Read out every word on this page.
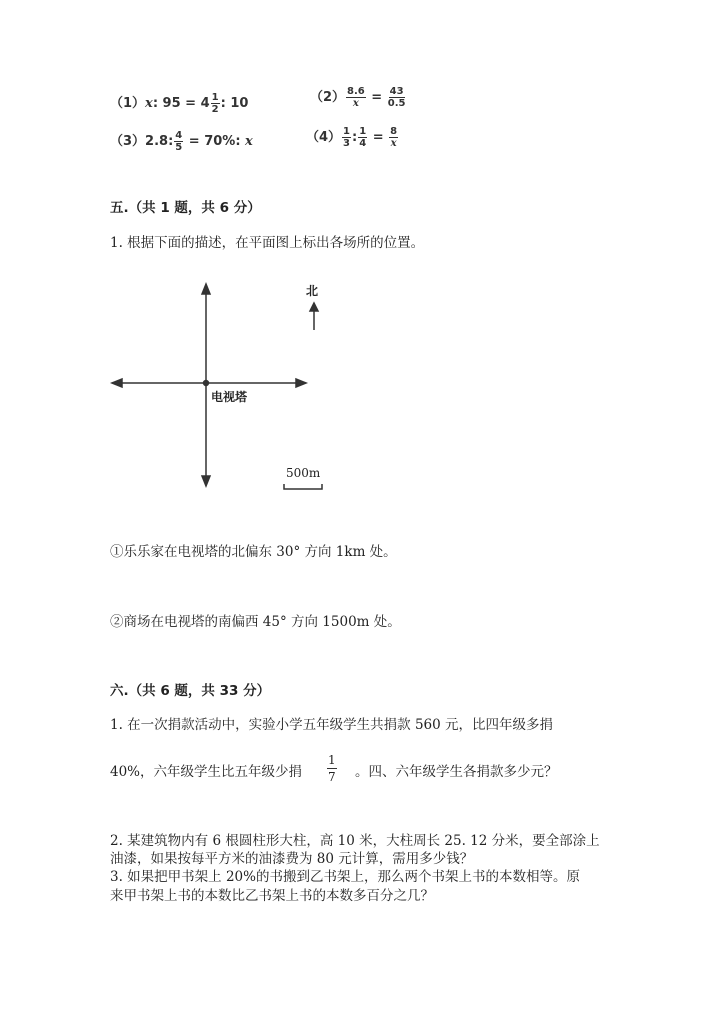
（1）x: $95 = 4 \frac{1}{2}$ : 10	$(2) \frac{8.6}{x} = \frac{43}{0.5}$
（3）2.8: $\frac{4}{5} = 70\%$: x	$(4) \frac{1}{3}$ : $\frac{1}{4} = \frac{8}{x}$
五.（共 1 题，共 6 分）
1. 根据下面的描述，在平面图上标出各场所的位置。
北
电视塔
500m
①乐乐家在电视塔的北偏东 30° 方向 1km 处。
②商场在电视塔的南偏西 45° 方向 1500m 处。
六.（共 6 题，共 33 分）
1. 在一次捐款活动中，实验小学五年级学生共捐款 560 元，比四年级多捐
40%，六年级学生比五年级少捐 $\frac{1}{7}$ 。四、六年级学生各捐款多少元？
2. 某建筑物内有 6 根圆柱形大柱，高 10 米，大柱周长 25. 12 分米，要全部涂上
油漆，如果按每平方米的油漆费为 80 元计算，需用多少钱？
3. 如果把甲书架上 20%的书搬到乙书架上，那么两个书架上书的本数相等。原
来甲书架上书的本数比乙书架上书的本数多百分之几？
